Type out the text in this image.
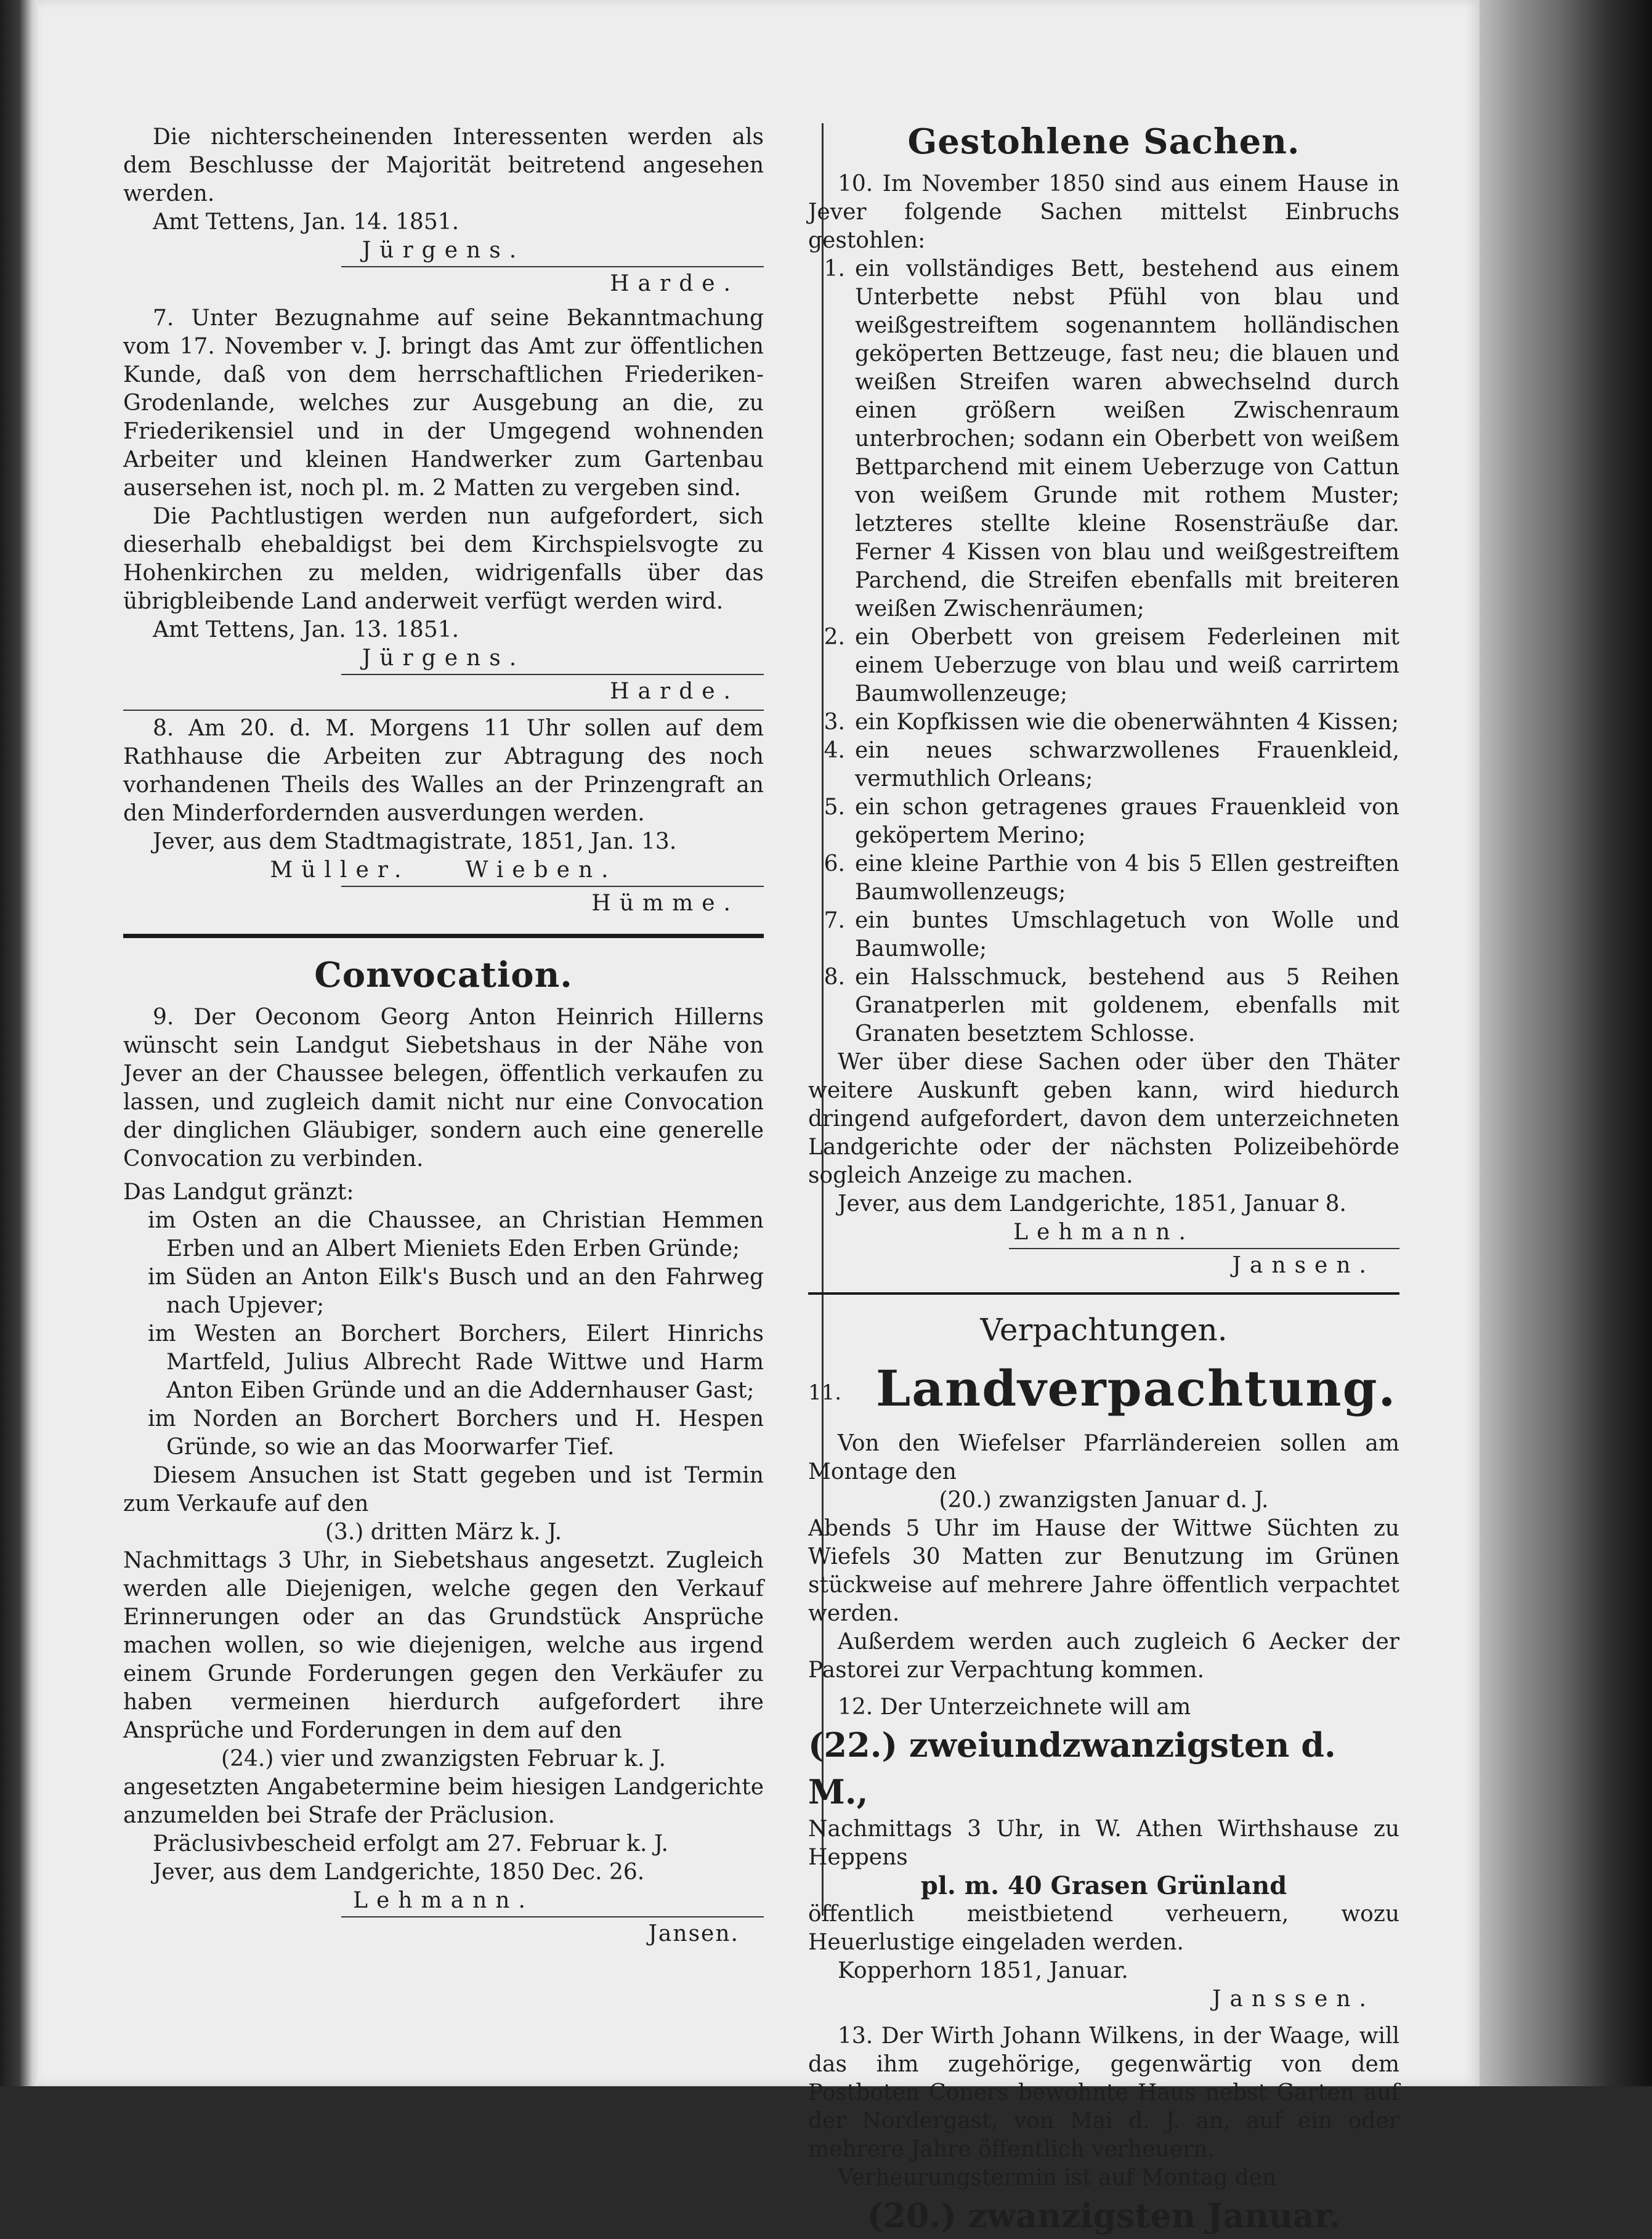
Die nichterscheinenden Interessenten werden als dem Beschlusse der Majorität beitretend angesehen werden.

Amt Tettens, Jan. 14. 1851.

Jürgens.

Harde.

7. Unter Bezugnahme auf seine Bekanntmachung vom 17. November v. J. bringt das Amt zur öffentlichen Kunde, daß von dem herrschaftlichen Friederiken-Grodenlande, welches zur Ausgebung an die, zu Friederikensiel und in der Umgegend wohnenden Arbeiter und kleinen Handwerker zum Gartenbau ausersehen ist, noch pl. m. 2 Matten zu vergeben sind.

Die Pachtlustigen werden nun aufgefordert, sich dieserhalb ehebaldigst bei dem Kirchspielsvogte zu Hohenkirchen zu melden, widrigenfalls über das übrigbleibende Land anderweit verfügt werden wird.

Amt Tettens, Jan. 13. 1851.

Jürgens.

Harde.

8. Am 20. d. M. Morgens 11 Uhr sollen auf dem Rathhause die Arbeiten zur Abtragung des noch vorhandenen Theils des Walles an der Prinzengraft an den Minderfordernden ausverdungen werden.

Jever, aus dem Stadtmagistrate, 1851, Jan. 13.

Müller.	Wieben.

Hümme.

Convocation.

9. Der Oeconom Georg Anton Heinrich Hillerns wünscht sein Landgut Siebetshaus in der Nähe von Jever an der Chaussee belegen, öffentlich verkaufen zu lassen, und zugleich damit nicht nur eine Convocation der dinglichen Gläubiger, sondern auch eine generelle Convocation zu verbinden.

Das Landgut gränzt:

im Osten an die Chaussee, an Christian Hemmen Erben und an Albert Mieniets Eden Erben Gründe;

im Süden an Anton Eilk's Busch und an den Fahrweg nach Upjever;

im Westen an Borchert Borchers, Eilert Hinrichs Martfeld, Julius Albrecht Rade Wittwe und Harm Anton Eiben Gründe und an die Addernhauser Gast;

im Norden an Borchert Borchers und H. Hespen Gründe, so wie an das Moorwarfer Tief.

Diesem Ansuchen ist Statt gegeben und ist Termin zum Verkaufe auf den

(3.) dritten März k. J.

Nachmittags 3 Uhr, in Siebetshaus angesetzt. Zugleich werden alle Diejenigen, welche gegen den Verkauf Erinnerungen oder an das Grundstück Ansprüche machen wollen, so wie diejenigen, welche aus irgend einem Grunde Forderungen gegen den Verkäufer zu haben vermeinen hierdurch aufgefordert ihre Ansprüche und Forderungen in dem auf den

(24.) vier und zwanzigsten Februar k. J.

angesetzten Angabetermine beim hiesigen Landgerichte anzumelden bei Strafe der Präclusion.

Präclusivbescheid erfolgt am 27. Februar k. J.

Jever, aus dem Landgerichte, 1850 Dec. 26.

Lehmann.

Jansen.

Gestohlene Sachen.

10. Im November 1850 sind aus einem Hause in Jever folgende Sachen mittelst Einbruchs gestohlen:

1. ein vollständiges Bett, bestehend aus einem Unterbette nebst Pfühl von blau und weißgestreiftem sogenanntem holländischen geköperten Bettzeuge, fast neu; die blauen und weißen Streifen waren abwechselnd durch einen größern weißen Zwischenraum unterbrochen; sodann ein Oberbett von weißem Bettparchend mit einem Ueberzuge von Cattun von weißem Grunde mit rothem Muster; letzteres stellte kleine Rosensträuße dar. Ferner 4 Kissen von blau und weißgestreiftem Parchend, die Streifen ebenfalls mit breiteren weißen Zwischenräumen;
2. ein Oberbett von greisem Federleinen mit einem Ueberzuge von blau und weiß carrirtem Baumwollenzeuge;
3. ein Kopfkissen wie die obenerwähnten 4 Kissen;
4. ein neues schwarzwollenes Frauenkleid, vermuthlich Orleans;
5. ein schon getragenes graues Frauenkleid von geköpertem Merino;
6. eine kleine Parthie von 4 bis 5 Ellen gestreiften Baumwollenzeugs;
7. ein buntes Umschlagetuch von Wolle und Baumwolle;
8. ein Halsschmuck, bestehend aus 5 Reihen Granatperlen mit goldenem, ebenfalls mit Granaten besetztem Schlosse.

Wer über diese Sachen oder über den Thäter weitere Auskunft geben kann, wird hiedurch dringend aufgefordert, davon dem unterzeichneten Landgerichte oder der nächsten Polizeibehörde sogleich Anzeige zu machen.

Jever, aus dem Landgerichte, 1851, Januar 8.

Lehmann.

Jansen.

Verpachtungen.
11. Landverpachtung.

Von den Wiefelser Pfarrländereien sollen am Montage den

(20.) zwanzigsten Januar d. J.

Abends 5 Uhr im Hause der Wittwe Süchten zu Wiefels 30 Matten zur Benutzung im Grünen stückweise auf mehrere Jahre öffentlich verpachtet werden.

Außerdem werden auch zugleich 6 Aecker der Pastorei zur Verpachtung kommen.

12. Der Unterzeichnete will am

(22.) zweiundzwanzigsten d. M.,

Nachmittags 3 Uhr, in W. Athen Wirthshause zu Heppens

pl. m. 40 Grasen Grünland

öffentlich meistbietend verheuern, wozu Heuerlustige eingeladen werden.

Kopperhorn 1851, Januar.

Janssen.

13. Der Wirth Johann Wilkens, in der Waage, will das ihm zugehörige, gegenwärtig von dem Postboten Coners bewohnte Haus nebst Garten auf der Nordergast, von Mai d. J. an, auf ein oder mehrere Jahre öffentlich verheuern.

Verheurungstermin ist auf Montag den

(20.) zwanzigsten Januar.
